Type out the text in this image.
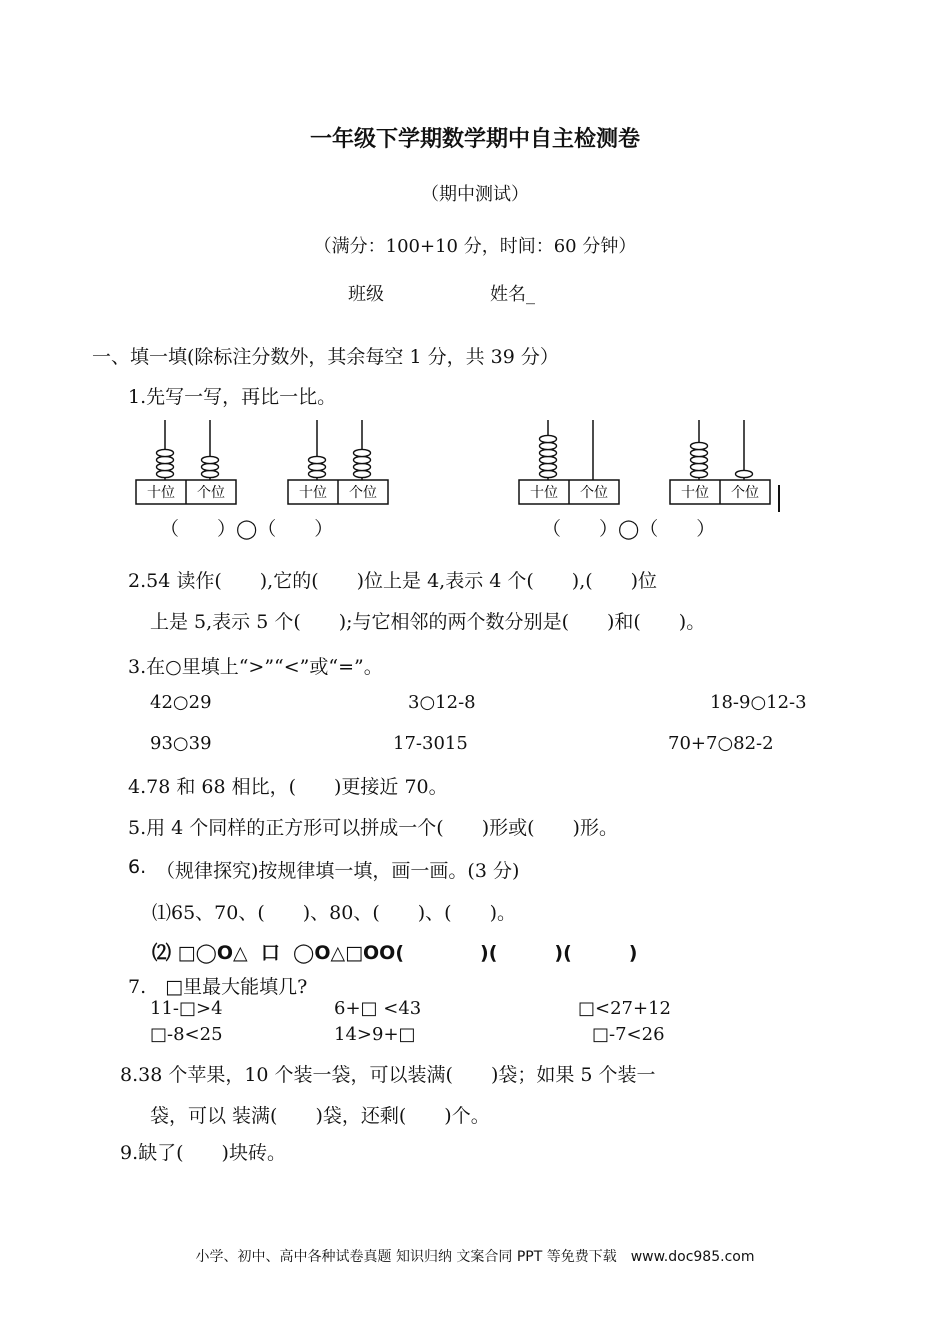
一年级下学期数学期中自主检测卷
（期中测试）
（满分：100+10 分，时间：60 分钟）
班级	姓名_
一、填一填(除标注分数外，其余每空 1 分，共 39 分）
1.先写一写，再比一比。
十位 个位	十位 个位	十位 个位	十位 个位
（　　）◯（　　）	（　　）◯（　　）
2.54 读作(　　),它的(　　)位上是 4,表示 4 个(　　),(　　)位
上是 5,表示 5 个(　　);与它相邻的两个数分别是(　　)和(　　)。
3.在○里填上“>”“<”或“=”。
42○29	3○12-8	18-9○12-3
93○39	17-3015	70+7○82-2
4.78 和 68 相比，(　　)更接近 70。
5.用 4 个同样的正方形可以拼成一个(　　)形或(　　)形。
6. （规律探究)按规律填一填，画一画。(3 分)
⑴65、70、(　　)、80、(　　)、(　　)。
⑵ □◯O△  口  ◯O△□OO(　　　　)(　　　)(　　　)
7.　□里最大能填几?
11-□>4	6+□ <43	□<27+12
□-8<25	14>9+□	□-7<26
8.38 个苹果，10 个装一袋，可以装满(　　)袋；如果 5 个装一
袋，可以 装满(　　)袋，还剩(　　)个。
9.缺了(　　)块砖。
小学、初中、高中各种试卷真题 知识归纳 文案合同 PPT 等免费下载　www.doc985.com
